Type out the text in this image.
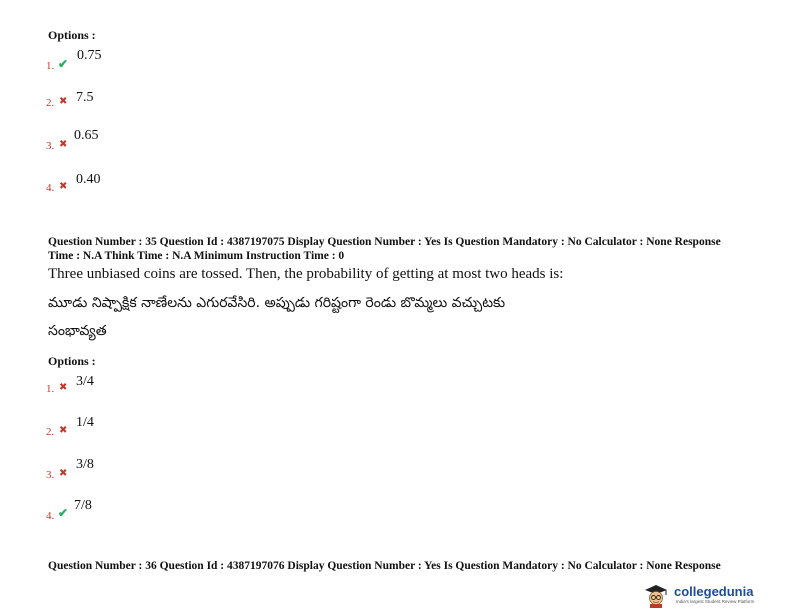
Options :
1. ✔
0.75
2. ✖ 7.5
3. ✖
0.65
4. ✖ 0.40
Question Number : 35 Question Id : 4387197075 Display Question Number : Yes Is Question Mandatory : No Calculator : None Response
Time : N.A Think Time : N.A Minimum Instruction Time : 0
Three unbiased coins are tossed. Then, the probability of getting at most two heads is:
మూడు నిష్పాక్షిక నాణేలను ఎగురవేసిరి. అప్పుడు గరిష్టంగా రెండు బొమ్మలు వచ్చుటకు
సంభావ్యత
Options :
1. ✖ 3/4
2. ✖
1/4
3. ✖
3/8
4. ✔ 7/8
Question Number : 36 Question Id : 4387197076 Display Question Number : Yes Is Question Mandatory : No Calculator : None Response
collegedunia
India's largest Student Review Platform
